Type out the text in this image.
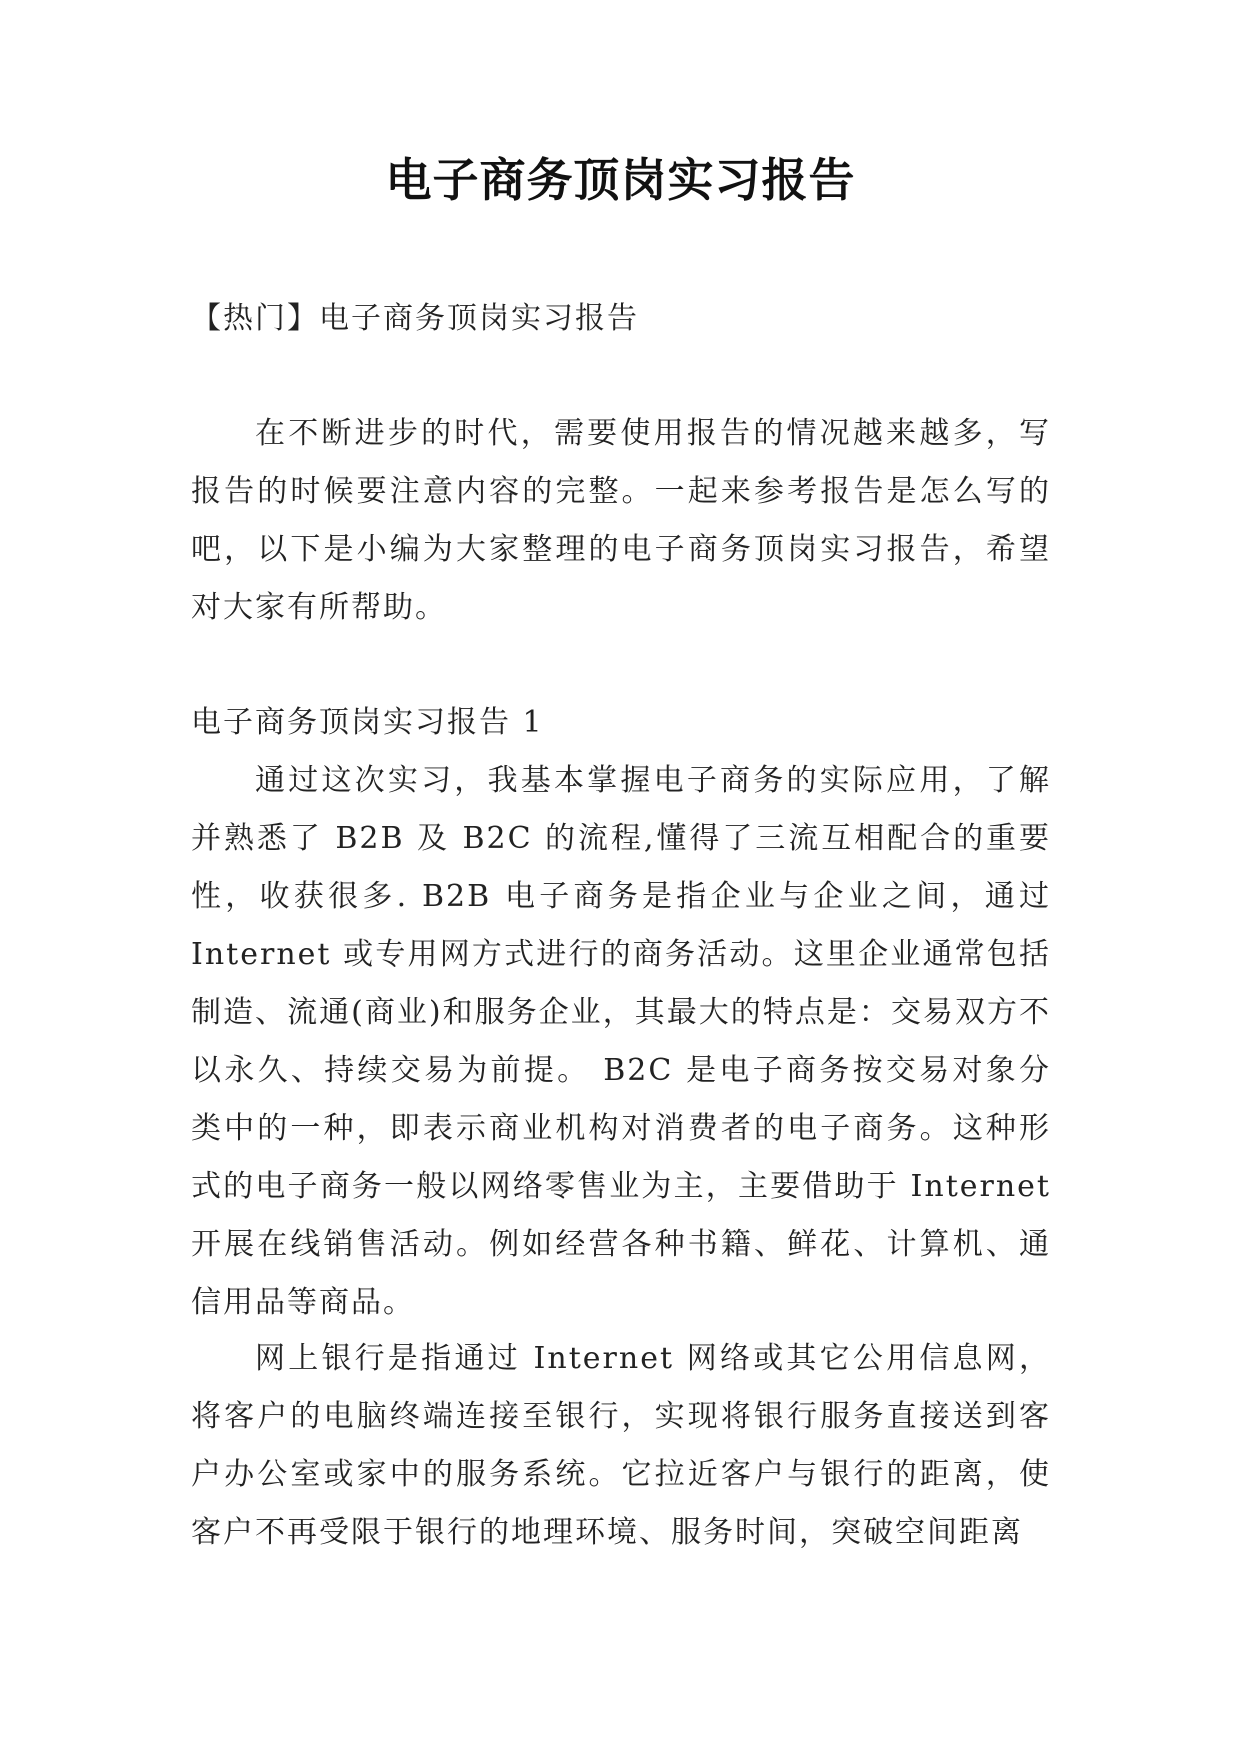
电子商务顶岗实习报告

【热门】电子商务顶岗实习报告

在不断进步的时代，需要使用报告的情况越来越多，写报告的时候要注意内容的完整。一起来参考报告是怎么写的吧，以下是小编为大家整理的电子商务顶岗实习报告，希望对大家有所帮助。

电子商务顶岗实习报告 1

通过这次实习，我基本掌握电子商务的实际应用，了解并熟悉了 B2B 及 B2C 的流程,懂得了三流互相配合的重要性，收获很多. B2B 电子商务是指企业与企业之间，通过 Internet 或专用网方式进行的商务活动。这里企业通常包括制造、流通(商业)和服务企业，其最大的特点是：交易双方不以永久、持续交易为前提。 B2C 是电子商务按交易对象分类中的一种，即表示商业机构对消费者的电子商务。这种形式的电子商务一般以网络零售业为主，主要借助于 Internet 开展在线销售活动。例如经营各种书籍、鲜花、计算机、通信用品等商品。

网上银行是指通过 Internet 网络或其它公用信息网，将客户的电脑终端连接至银行，实现将银行服务直接送到客户办公室或家中的服务系统。它拉近客户与银行的距离，使客户不再受限于银行的地理环境、服务时间，突破空间距离
